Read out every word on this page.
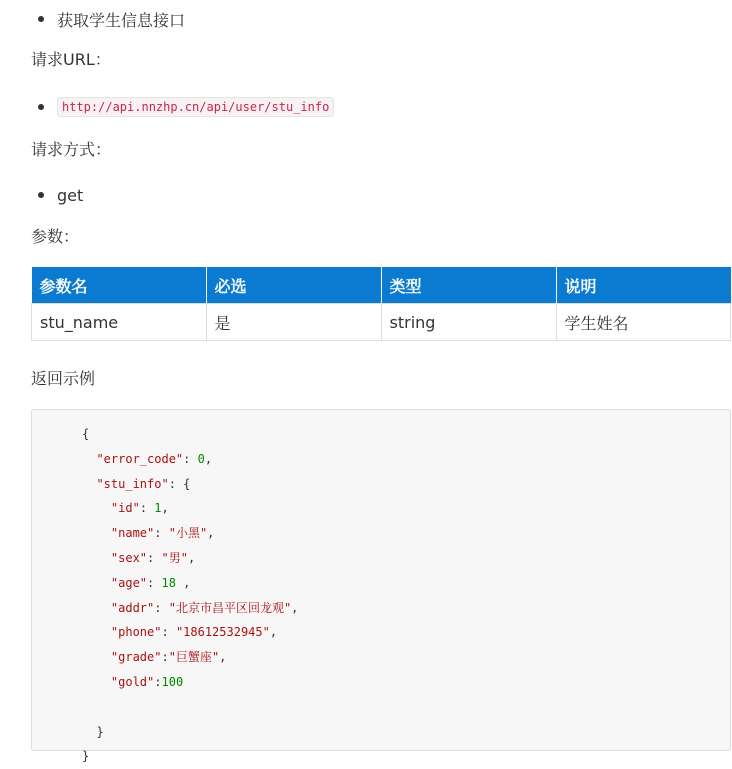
获取学生信息接口
请求URL：
http://api.nnzhp.cn/api/user/stu_info
请求方式：
get
参数：
参数名	必选	类型	说明
stu_name	是	string	学生姓名
返回示例
{
"error_code": 0,
"stu_info": {
"id": 1,
"name": "小黑",
"sex": "男",
"age": 18 ,
"addr": "北京市昌平区回龙观",
"phone": "18612532945",
"grade":"巨蟹座",
"gold":100

}
}
